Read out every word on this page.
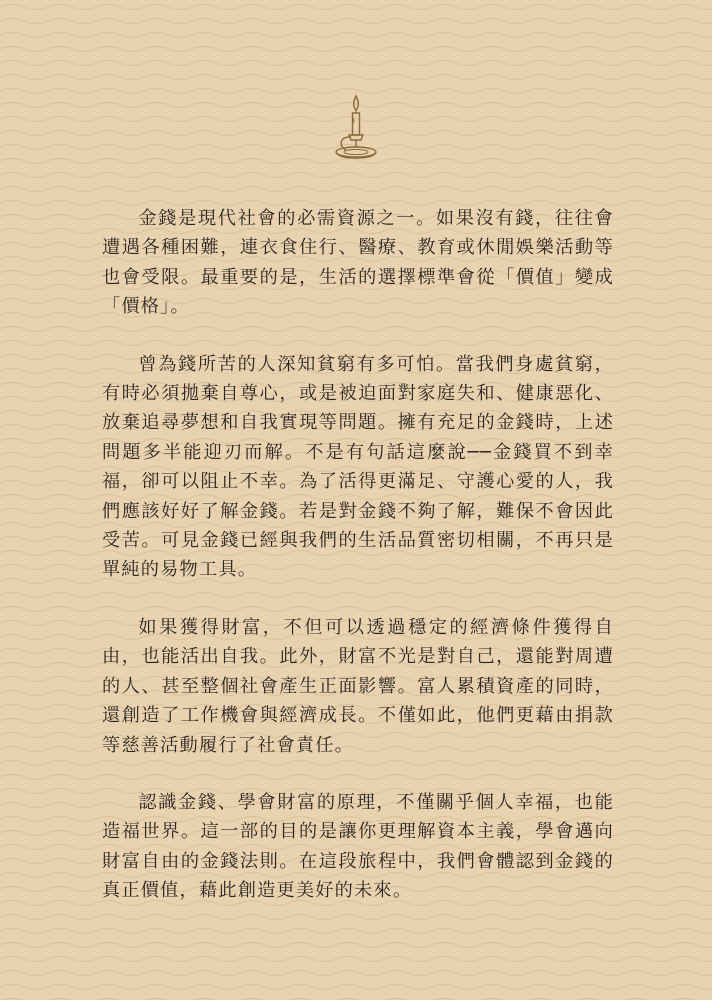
金錢是現代社會的必需資源之一。如果沒有錢，往往會遭遇各種困難，連衣食住行、醫療、教育或休閒娛樂活動等也會受限。最重要的是，生活的選擇標準會從「價值」變成「價格」。

曾為錢所苦的人深知貧窮有多可怕。當我們身處貧窮，有時必須拋棄自尊心，或是被迫面對家庭失和、健康惡化、放棄追尋夢想和自我實現等問題。擁有充足的金錢時，上述問題多半能迎刃而解。不是有句話這麼說──金錢買不到幸福，卻可以阻止不幸。為了活得更滿足、守護心愛的人，我們應該好好了解金錢。若是對金錢不夠了解，難保不會因此受苦。可見金錢已經與我們的生活品質密切相關，不再只是單純的易物工具。

如果獲得財富，不但可以透過穩定的經濟條件獲得自由，也能活出自我。此外，財富不光是對自己，還能對周遭的人、甚至整個社會產生正面影響。富人累積資產的同時，還創造了工作機會與經濟成長。不僅如此，他們更藉由捐款等慈善活動履行了社會責任。

認識金錢、學會財富的原理，不僅關乎個人幸福，也能造福世界。這一部的目的是讓你更理解資本主義，學會邁向財富自由的金錢法則。在這段旅程中，我們會體認到金錢的真正價值，藉此創造更美好的未來。
